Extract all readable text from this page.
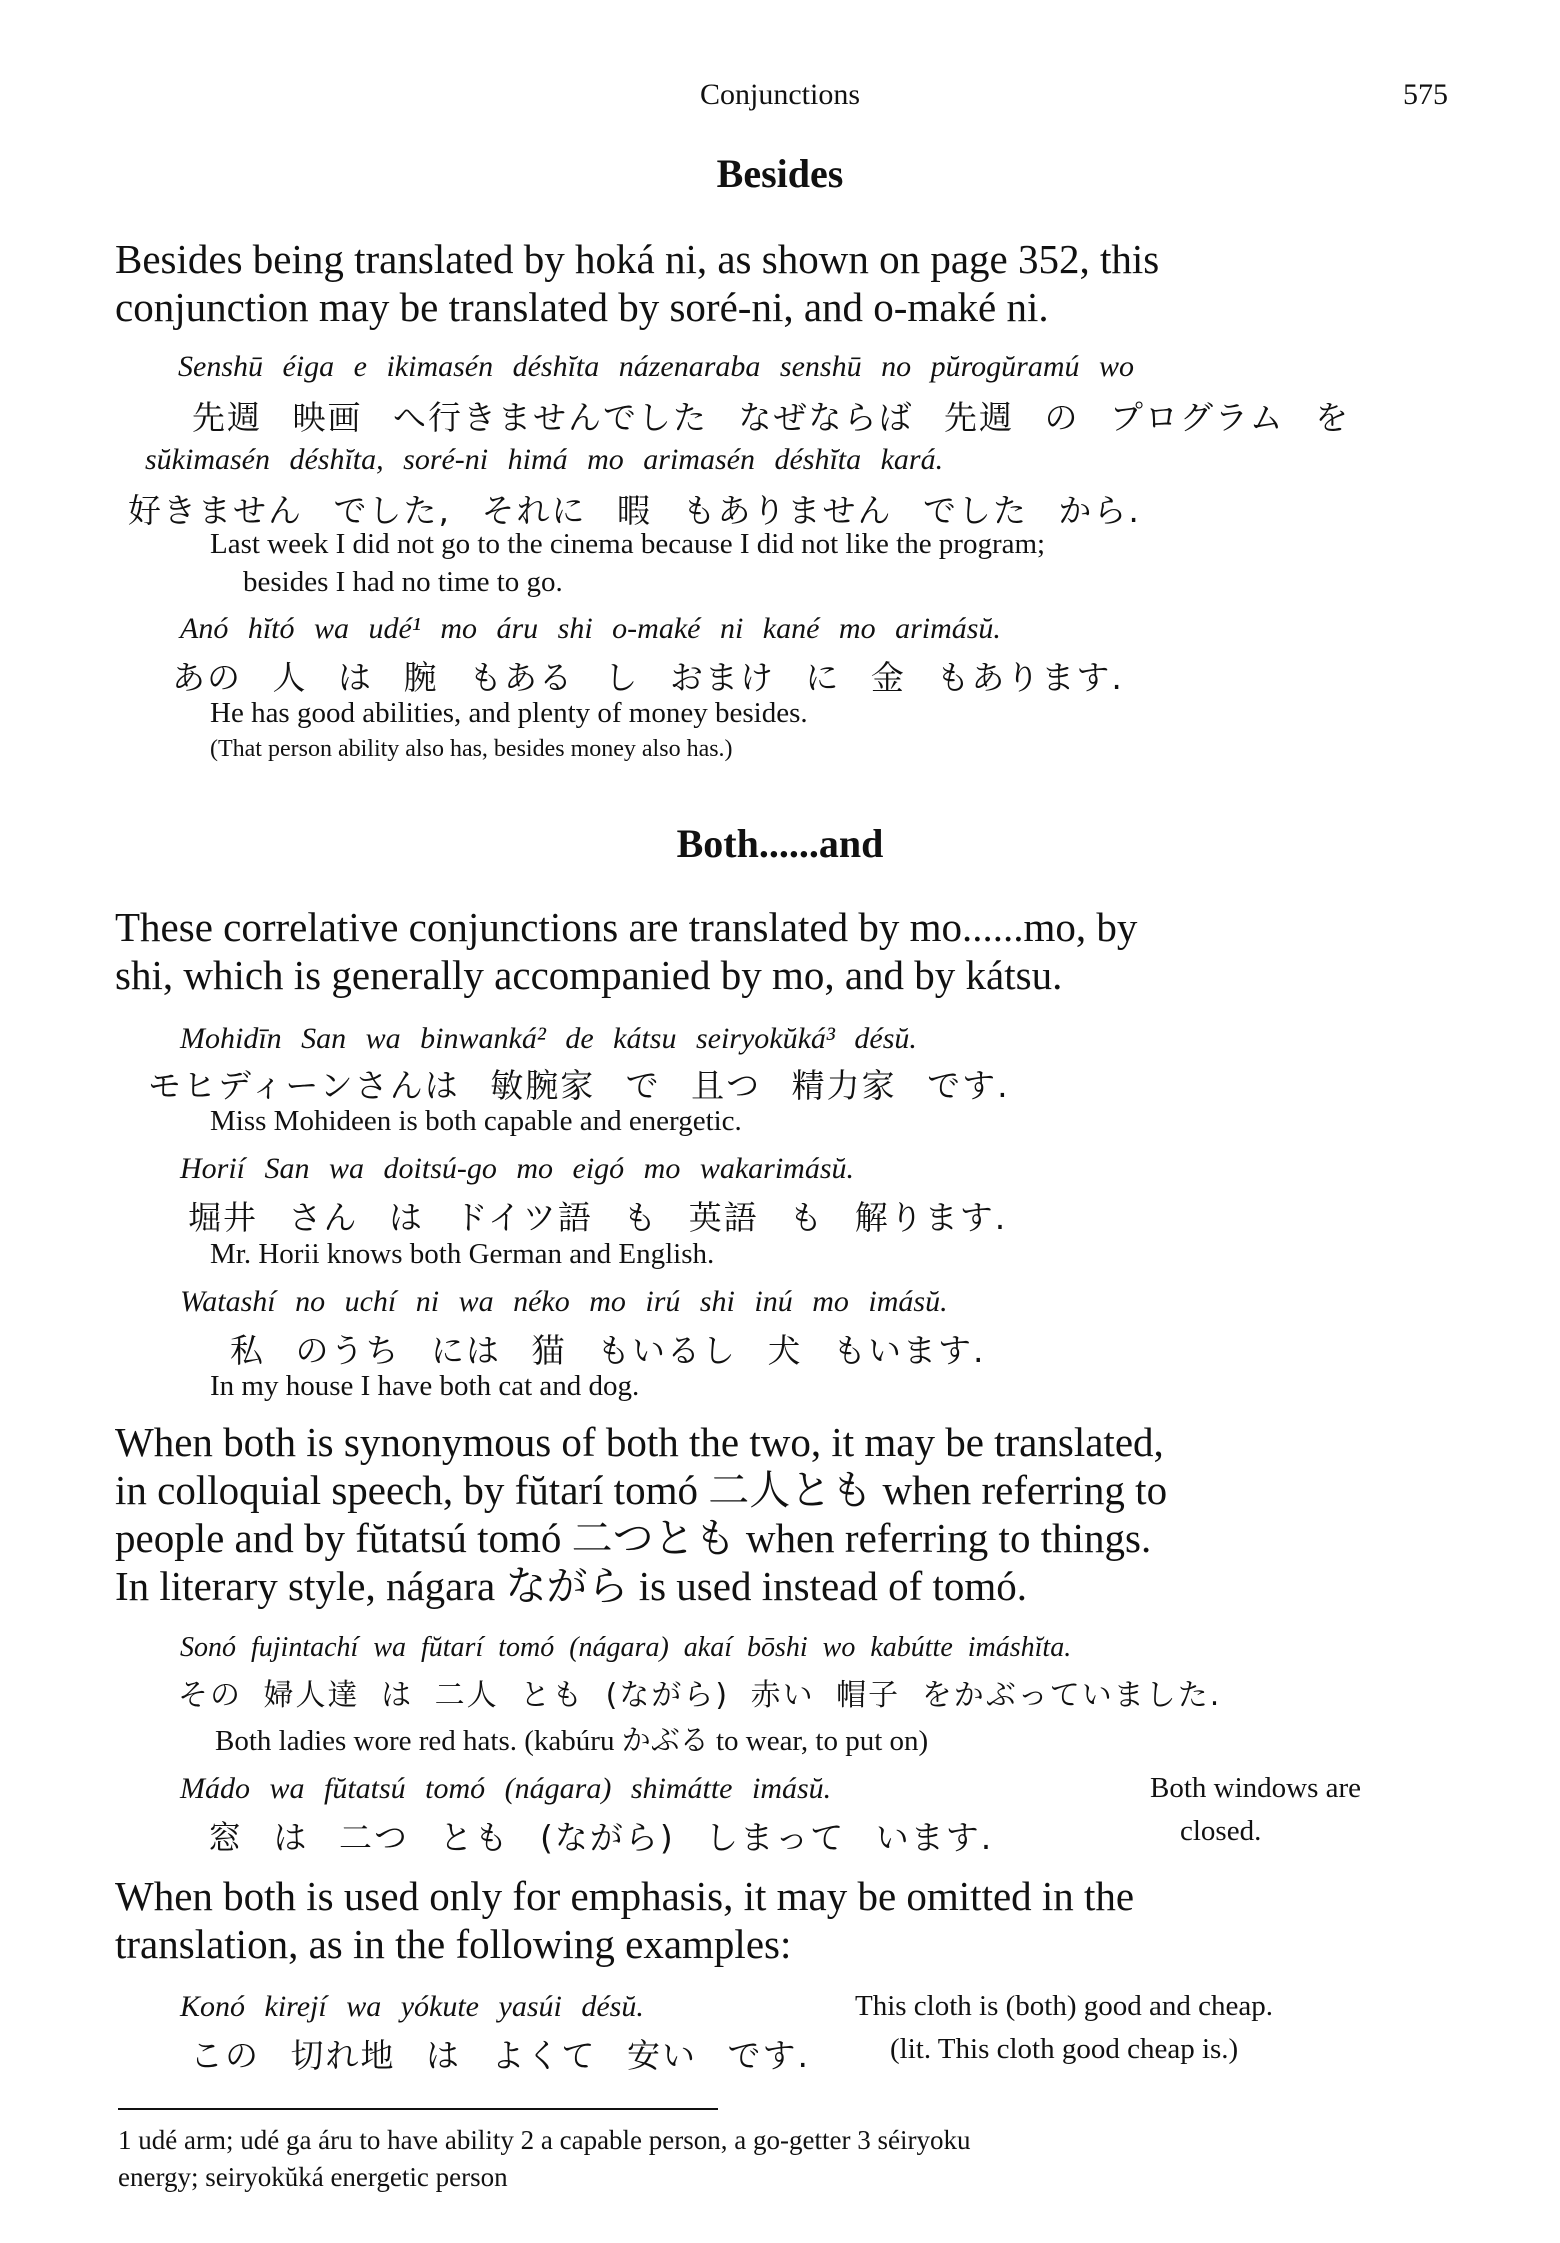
Conjunctions	575
Besides
Besides being translated by hoká ni, as shown on page 352, this
conjunction may be translated by soré-ni, and o-maké ni.
Senshū éiga e ikimasén déshĭta názenaraba senshū no pŭrogŭramú wo
先週 映画 へ行きませんでした なぜならば 先週 の プログラム を
sŭkimasén déshĭta, soré-ni himá mo arimasén déshĭta kará.
好きません でした, それに 暇 もありません でした から.
Last week I did not go to the cinema because I did not like the program;
besides I had no time to go.
Anó hĭtó wa udé¹ mo áru shi o-maké ni kané mo arimásŭ.
あの 人 は 腕 もある し おまけ に 金 もあります.
He has good abilities, and plenty of money besides.
(That person ability also has, besides money also has.)
Both......and
These correlative conjunctions are translated by mo......mo, by
shi, which is generally accompanied by mo, and by kátsu.
Mohidīn San wa binwanká² de kátsu seiryokŭká³ désŭ.
モヒディーンさんは 敏腕家 で 且つ 精力家 です.
Miss Mohideen is both capable and energetic.
Horií San wa doitsú-go mo eigó mo wakarimásŭ.
堀井 さん は ドイツ語 も 英語 も 解ります.
Mr. Horii knows both German and English.
Watashí no uchí ni wa néko mo irú shi inú mo imásŭ.
私 のうち には 猫 もいるし 犬 もいます.
In my house I have both cat and dog.
When both is synonymous of both the two, it may be translated,
in colloquial speech, by fŭtarí tomó 二人とも when referring to
people and by fŭtatsú tomó 二つとも when referring to things.
In literary style, nágara ながら is used instead of tomó.
Sonó fujintachí wa fŭtarí tomó (nágara) akaí bōshi wo kabútte imáshĭta.
その 婦人達 は 二人 とも (ながら) 赤い 帽子 をかぶっていました.
Both ladies wore red hats. (kabúru かぶる to wear, to put on)
Mádo wa fŭtatsú tomó (nágara) shimátte imásŭ.
窓 は 二つ とも (ながら) しまって います.
Both windows are
closed.
When both is used only for emphasis, it may be omitted in the
translation, as in the following examples:
Konó kirejí wa yókute yasúi désŭ.
この 切れ地 は よくて 安い です.
This cloth is (both) good and cheap.
(lit. This cloth good cheap is.)
1 udé arm; udé ga áru to have ability 2 a capable person, a go-getter 3 séiryoku
energy; seiryokŭká energetic person
